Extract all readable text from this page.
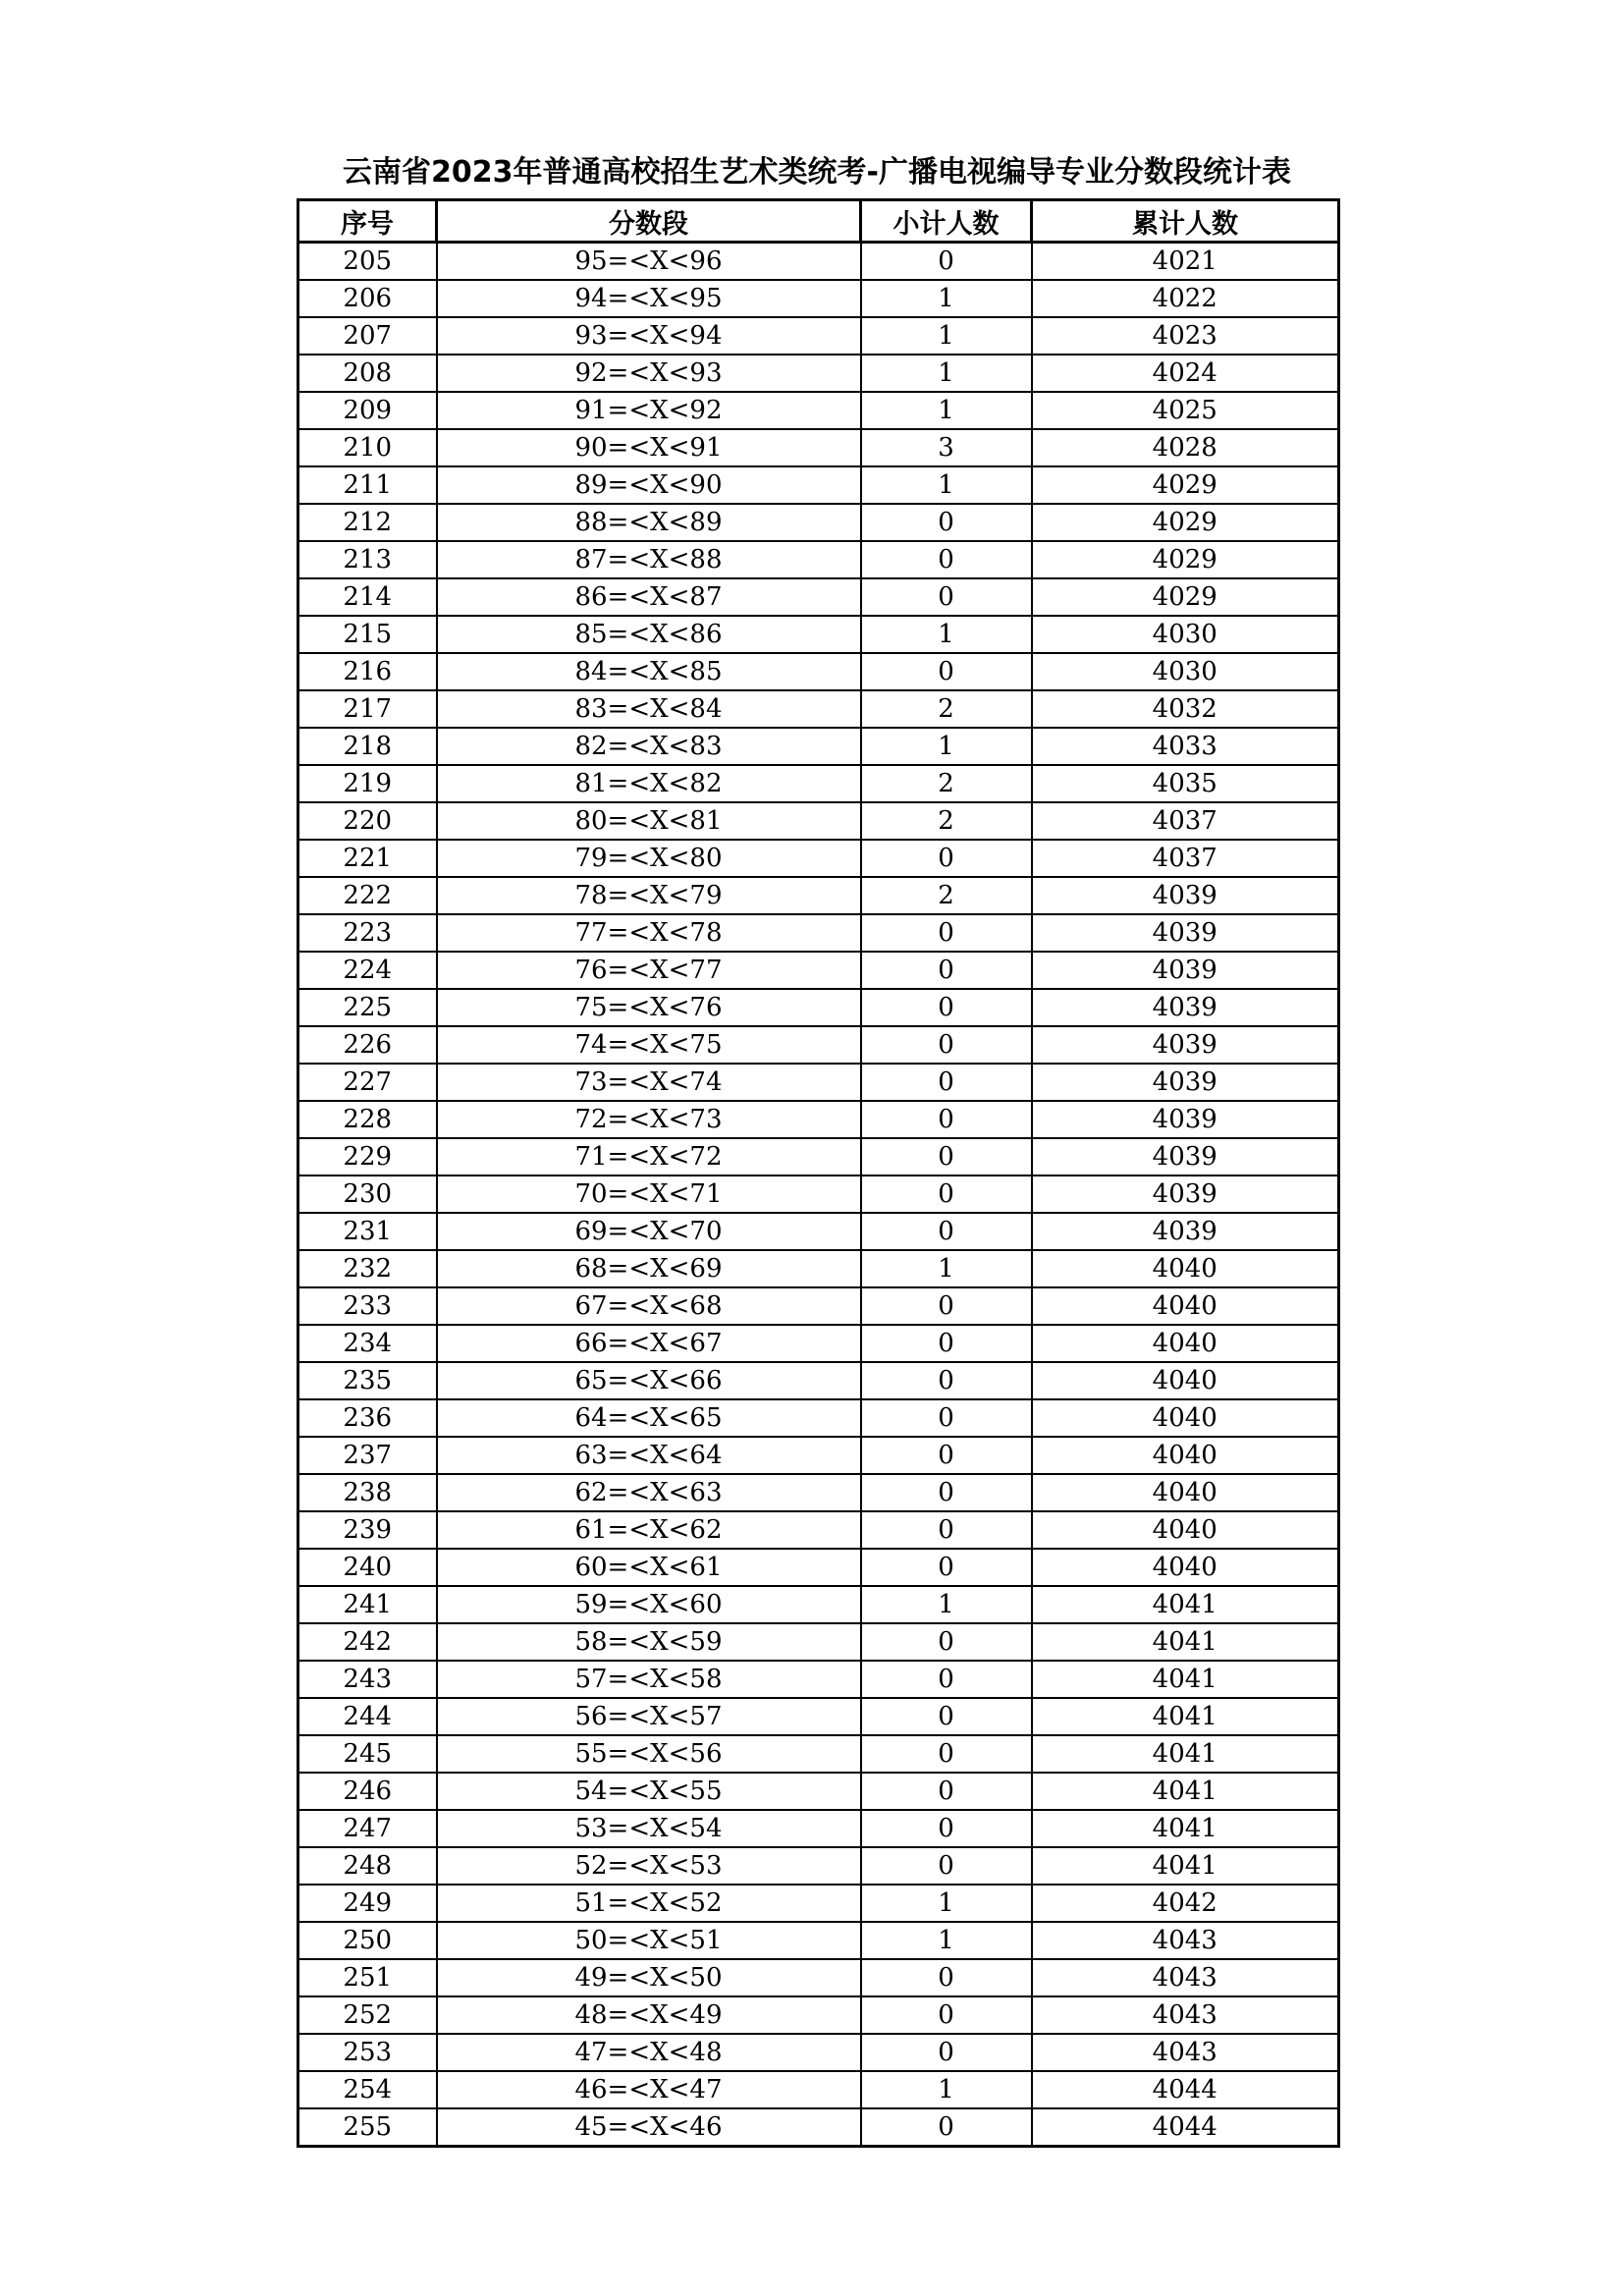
云南省2023年普通高校招生艺术类统考-广播电视编导专业分数段统计表
序号	分数段	小计人数	累计人数
205	95=<X<96	0	4021
206	94=<X<95	1	4022
207	93=<X<94	1	4023
208	92=<X<93	1	4024
209	91=<X<92	1	4025
210	90=<X<91	3	4028
211	89=<X<90	1	4029
212	88=<X<89	0	4029
213	87=<X<88	0	4029
214	86=<X<87	0	4029
215	85=<X<86	1	4030
216	84=<X<85	0	4030
217	83=<X<84	2	4032
218	82=<X<83	1	4033
219	81=<X<82	2	4035
220	80=<X<81	2	4037
221	79=<X<80	0	4037
222	78=<X<79	2	4039
223	77=<X<78	0	4039
224	76=<X<77	0	4039
225	75=<X<76	0	4039
226	74=<X<75	0	4039
227	73=<X<74	0	4039
228	72=<X<73	0	4039
229	71=<X<72	0	4039
230	70=<X<71	0	4039
231	69=<X<70	0	4039
232	68=<X<69	1	4040
233	67=<X<68	0	4040
234	66=<X<67	0	4040
235	65=<X<66	0	4040
236	64=<X<65	0	4040
237	63=<X<64	0	4040
238	62=<X<63	0	4040
239	61=<X<62	0	4040
240	60=<X<61	0	4040
241	59=<X<60	1	4041
242	58=<X<59	0	4041
243	57=<X<58	0	4041
244	56=<X<57	0	4041
245	55=<X<56	0	4041
246	54=<X<55	0	4041
247	53=<X<54	0	4041
248	52=<X<53	0	4041
249	51=<X<52	1	4042
250	50=<X<51	1	4043
251	49=<X<50	0	4043
252	48=<X<49	0	4043
253	47=<X<48	0	4043
254	46=<X<47	1	4044
255	45=<X<46	0	4044
